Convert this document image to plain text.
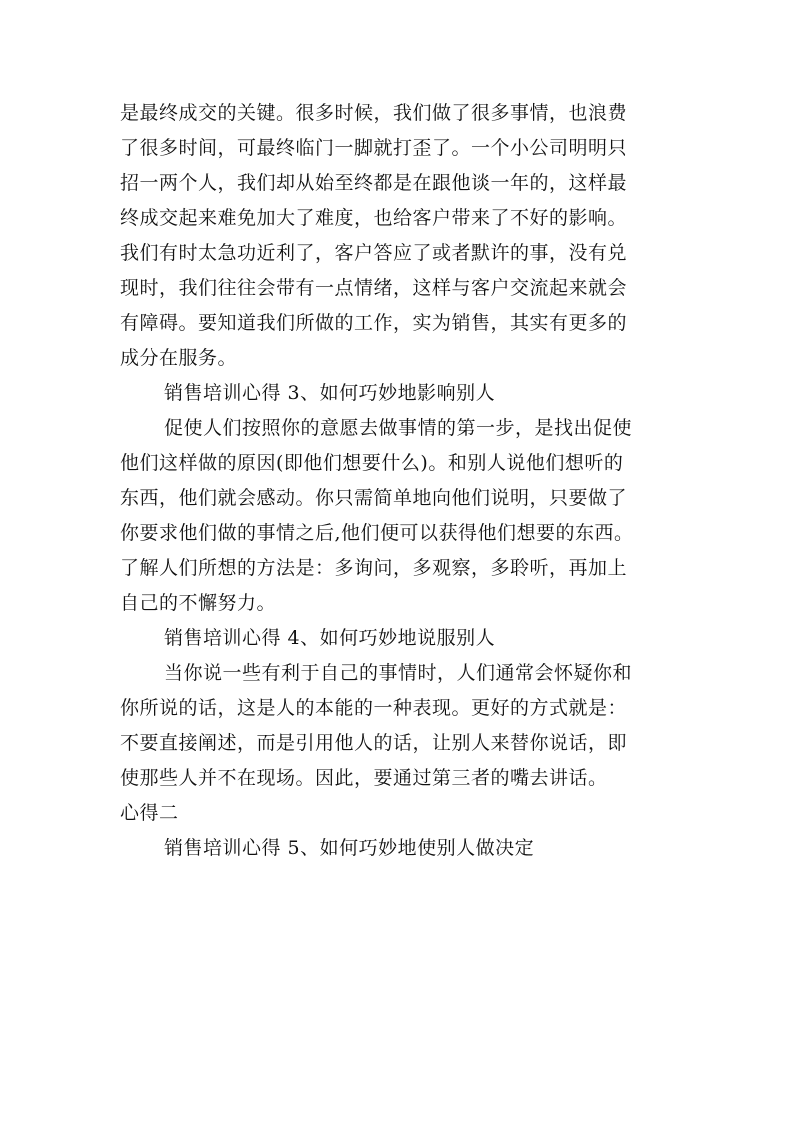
是最终成交的关键。很多时候，我们做了很多事情，也浪费
了很多时间，可最终临门一脚就打歪了。一个小公司明明只
招一两个人，我们却从始至终都是在跟他谈一年的，这样最
终成交起来难免加大了难度，也给客户带来了不好的影响。
我们有时太急功近利了，客户答应了或者默许的事，没有兑
现时，我们往往会带有一点情绪，这样与客户交流起来就会
有障碍。要知道我们所做的工作，实为销售，其实有更多的
成分在服务。
销售培训心得 3、如何巧妙地影响别人
促使人们按照你的意愿去做事情的第一步，是找出促使
他们这样做的原因(即他们想要什么)。和别人说他们想听的
东西，他们就会感动。你只需简单地向他们说明，只要做了
你要求他们做的事情之后,他们便可以获得他们想要的东西。
了解人们所想的方法是：多询问，多观察，多聆听，再加上
自己的不懈努力。
销售培训心得 4、如何巧妙地说服别人
当你说一些有利于自己的事情时，人们通常会怀疑你和
你所说的话，这是人的本能的一种表现。更好的方式就是：
不要直接阐述，而是引用他人的话，让别人来替你说话，即
使那些人并不在现场。因此，要通过第三者的嘴去讲话。
心得二
销售培训心得 5、如何巧妙地使别人做决定
